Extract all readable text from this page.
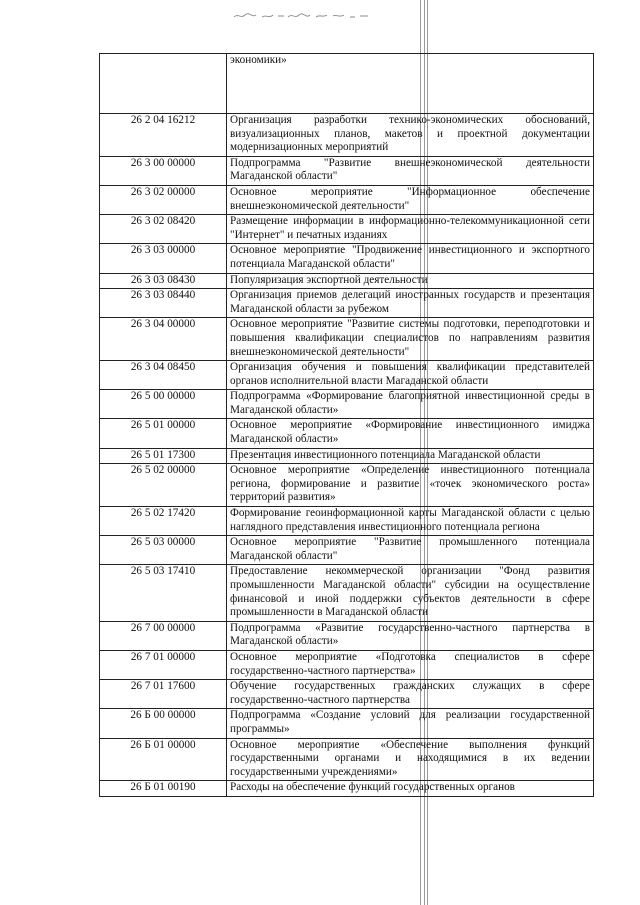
	экономики»
26 2 04 16212	Организация разработки технико-экономических обоснований, визуализационных планов, макетов и проектной документации модернизационных мероприятий
26 3 00 00000	Подпрограмма "Развитие внешнеэкономической деятельности Магаданской области"
26 3 02 00000	Основное мероприятие "Информационное обеспечение внешнеэкономической деятельности"
26 3 02 08420	Размещение информации в информационно-телекоммуникационной сети "Интернет" и печатных изданиях
26 3 03 00000	Основное мероприятие "Продвижение инвестиционного и экспортного потенциала Магаданской области"
26 3 03 08430	Популяризация экспортной деятельности
26 3 03 08440	Организация приемов делегаций иностранных государств и презентация Магаданской области за рубежом
26 3 04 00000	Основное мероприятие "Развитие системы подготовки, переподготовки и повышения квалификации специалистов по направлениям развития внешнеэкономической деятельности"
26 3 04 08450	Организация обучения и повышения квалификации представителей органов исполнительной власти Магаданской области
26 5 00 00000	Подпрограмма «Формирование благоприятной инвестиционной среды в Магаданской области»
26 5 01 00000	Основное мероприятие «Формирование инвестиционного имиджа Магаданской области»
26 5 01 17300	Презентация инвестиционного потенциала Магаданской области
26 5 02 00000	Основное мероприятие «Определение инвестиционного потенциала региона, формирование и развитие «точек экономического роста» территорий развития»
26 5 02 17420	Формирование геоинформационной карты Магаданской области с целью наглядного представления инвестиционного потенциала региона
26 5 03 00000	Основное мероприятие "Развитие промышленного потенциала Магаданской области"
26 5 03 17410	Предоставление некоммерческой организации "Фонд развития промышленности Магаданской области" субсидии на осуществление финансовой и иной поддержки субъектов деятельности в сфере промышленности в Магаданской области
26 7 00 00000	Подпрограмма «Развитие государственно-частного партнерства в Магаданской области»
26 7 01 00000	Основное мероприятие «Подготовка специалистов в сфере государственно-частного партнерства»
26 7 01 17600	Обучение государственных гражданских служащих в сфере государственно-частного партнерства
26 Б 00 00000	Подпрограмма «Создание условий для реализации государственной программы»
26 Б 01 00000	Основное мероприятие «Обеспечение выполнения функций государственными органами и находящимися в их ведении государственными учреждениями»
26 Б 01 00190	Расходы на обеспечение функций государственных органов
